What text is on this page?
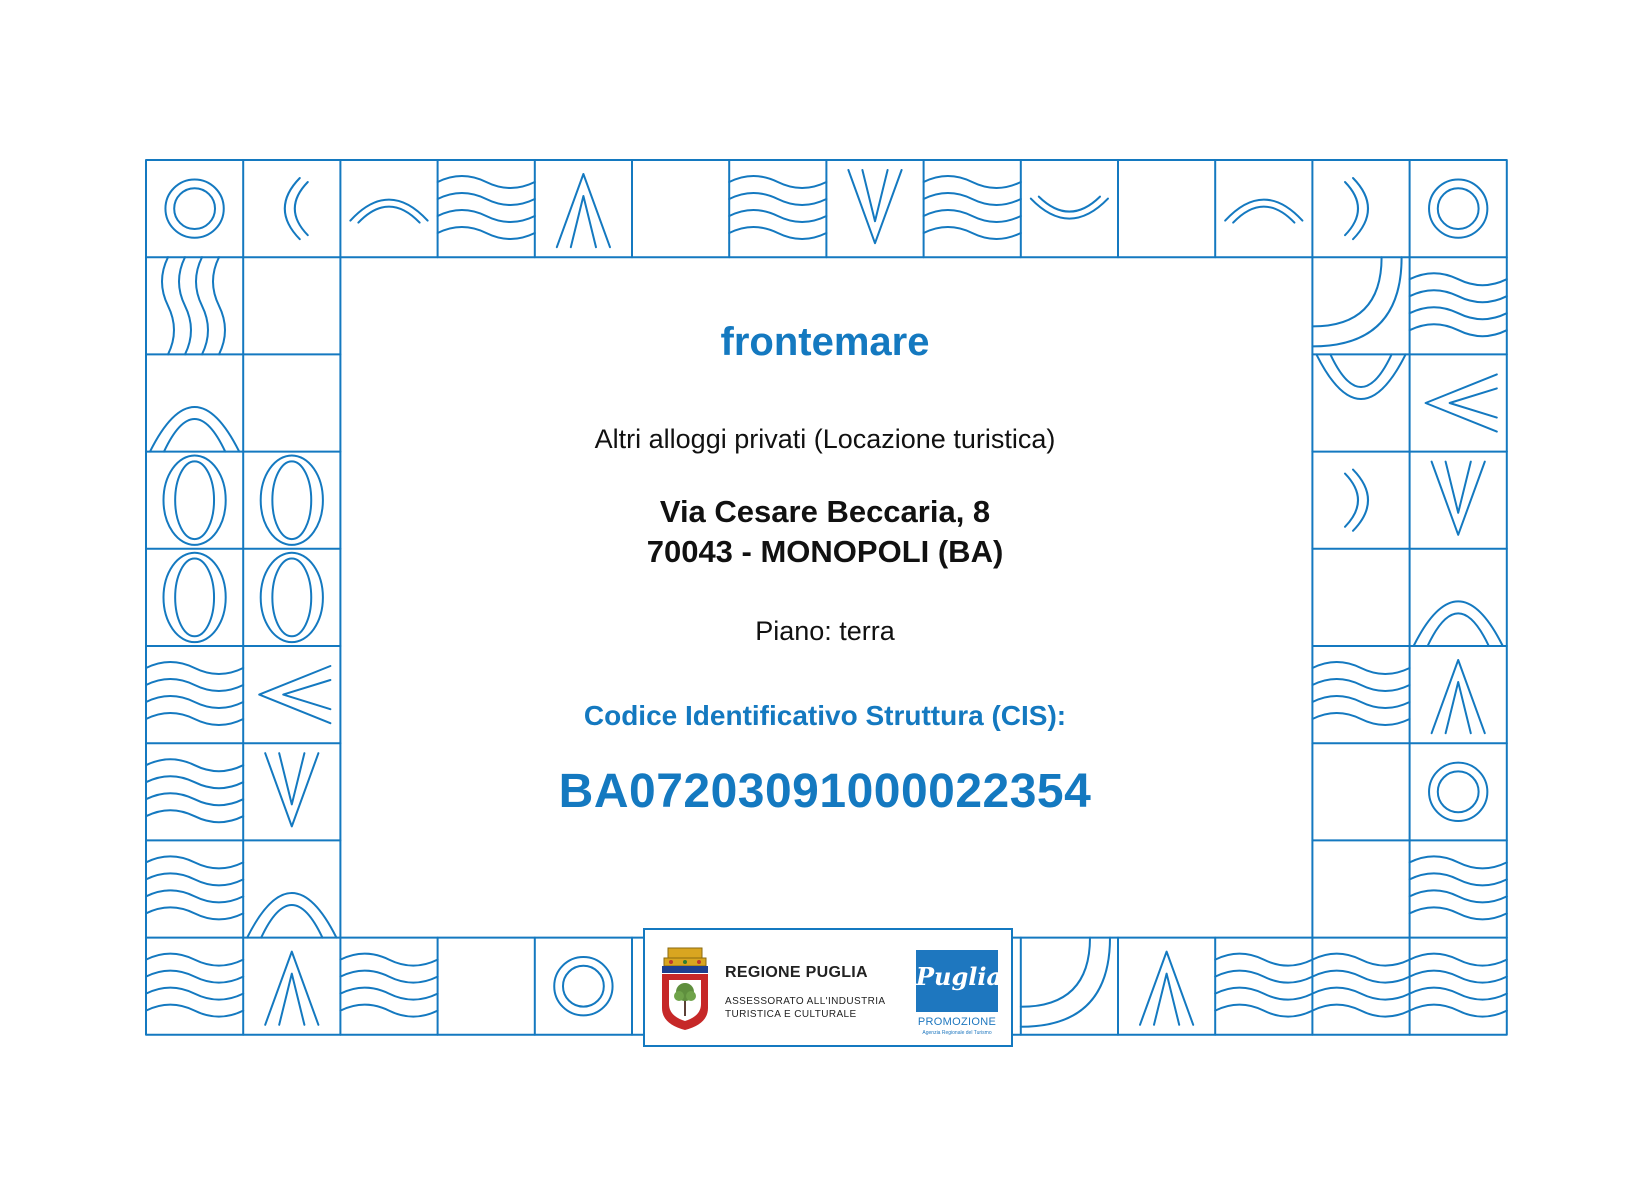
frontemare
Altri alloggi privati (Locazione turistica)
Via Cesare Beccaria, 8
70043 - MONOPOLI (BA)
Piano: terra
Codice Identificativo Struttura (CIS):
BA07203091000022354
REGIONE PUGLIA
ASSESSORATO ALL'INDUSTRIA
TURISTICA E CULTURALE
Puglia
PROMOZIONE
Agenzia Regionale del Turismo
